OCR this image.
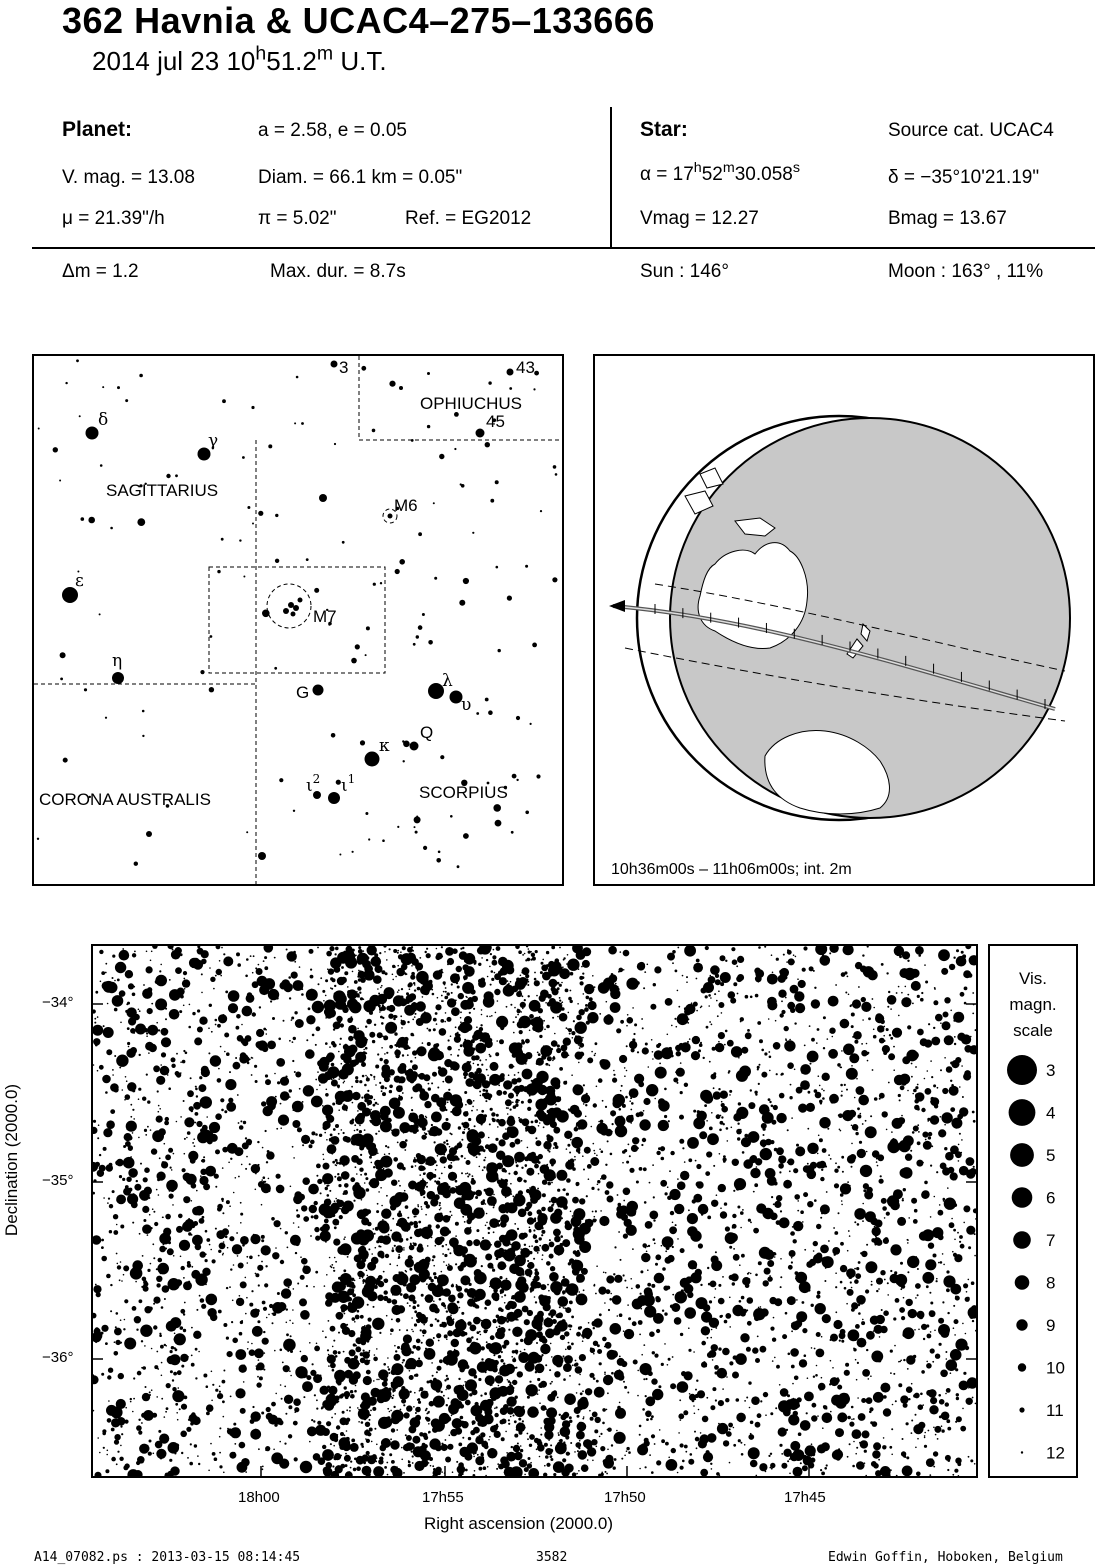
362 Havnia & UCAC4–275–133666
2014 jul 23 10$^h$51.2$^m$ U.T.
Planet:	a = 2.58, e = 0.05
V. mag. = 13.08	Diam. = 66.1 km = 0.05"
μ = 21.39"/h	π = 5.02"	Ref. = EG2012
Star:	Source cat. UCAC4
$\alpha = 17^h52^m30.058^s$	δ = −35°10'21.19"
Vmag = 12.27	Bmag = 13.67
Δm = 1.2	Max. dur. = 8.7s	Sun : 146°	Moon : 163° , 11%
3	43
OPHIUCHUS
45
SAGITTARIUS
M6
M7
G
Q
CORONA AUSTRALIS	SCORPIUS
δ
γ
ε
η
λ
υ
κ
$\iota^2$ $\iota^1$
10h36m00s – 11h06m00s; int. 2m
Declination (2000.0)
−34°
−35°
−36°
18h00	17h55	17h50	17h45
Right ascension (2000.0)
Vis.
magn.
scale
3
4
5
6
7
8
9
10
11
12
A14_07082.ps : 2013-03-15 08:14:45	3582	Edwin Goffin, Hoboken, Belgium
